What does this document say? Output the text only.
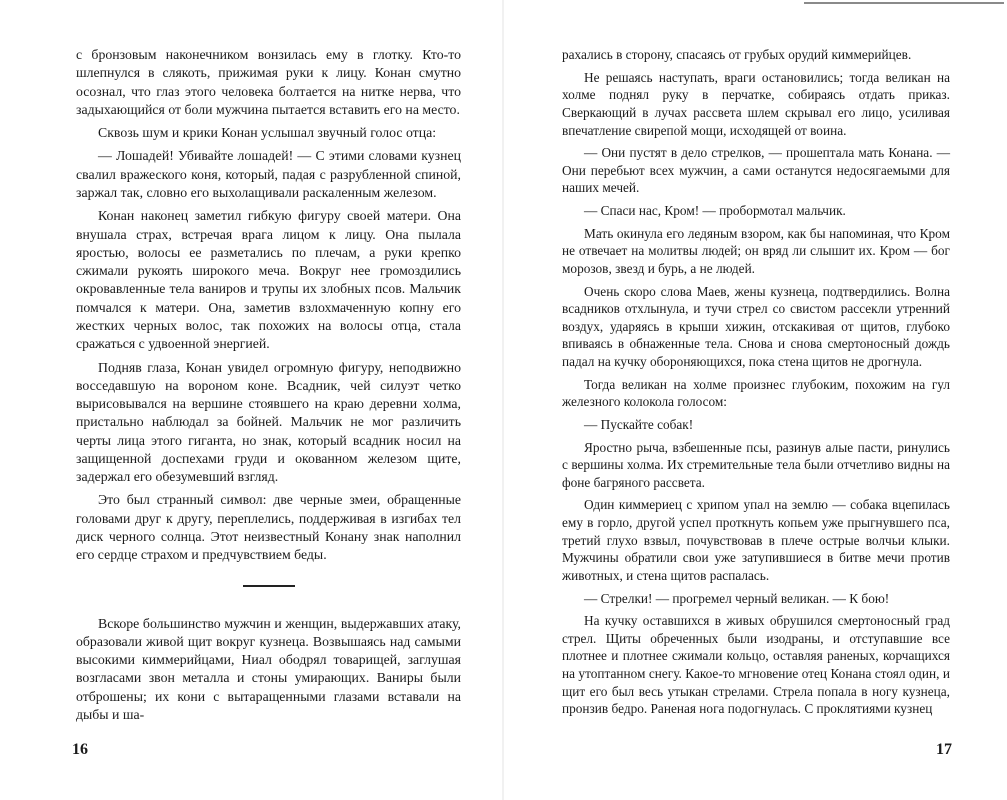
с бронзовым наконечником вонзилась ему в глотку. Кто-то шлепнулся в слякоть, прижимая руки к лицу. Конан смутно осознал, что глаз этого человека болтается на нитке нерва, что задыхающийся от боли мужчина пытается вставить его на место.

Сквозь шум и крики Конан услышал звучный голос отца:

— Лошадей! Убивайте лошадей! — С этими словами кузнец свалил вражеского коня, который, падая с разрубленной спиной, заржал так, словно его выхолащивали раскаленным железом.

Конан наконец заметил гибкую фигуру своей матери. Она внушала страх, встречая врага лицом к лицу. Она пылала яростью, волосы ее разметались по плечам, а руки крепко сжимали рукоять широкого меча. Вокруг нее громоздились окровавленные тела ваниров и трупы их злобных псов. Мальчик помчался к матери. Она, заметив взлохмаченную копну его жестких черных волос, так похожих на волосы отца, стала сражаться с удвоенной энергией.

Подняв глаза, Конан увидел огромную фигуру, неподвижно восседавшую на вороном коне. Всадник, чей силуэт четко вырисовывался на вершине стоявшего на краю деревни холма, пристально наблюдал за бойней. Мальчик не мог различить черты лица этого гиганта, но знак, который всадник носил на защищенной доспехами груди и окованном железом щите, задержал его обезумевший взгляд.

Это был странный символ: две черные змеи, обращенные головами друг к другу, переплелись, поддерживая в изгибах тел диск черного солнца. Этот неизвестный Конану знак наполнил его сердце страхом и предчувствием беды.

Вскоре большинство мужчин и женщин, выдержавших атаку, образовали живой щит вокруг кузнеца. Возвышаясь над самыми высокими киммерийцами, Ниал ободрял товарищей, заглушая возгласами звон металла и стоны умирающих. Ваниры были отброшены; их кони с вытаращенными глазами вставали на дыбы и ша-

16

рахались в сторону, спасаясь от грубых орудий киммерийцев.

Не решаясь наступать, враги остановились; тогда великан на холме поднял руку в перчатке, собираясь отдать приказ. Сверкающий в лучах рассвета шлем скрывал его лицо, усиливая впечатление свирепой мощи, исходящей от воина.

— Они пустят в дело стрелков, — прошептала мать Конана. — Они перебьют всех мужчин, а сами останутся недосягаемыми для наших мечей.

— Спаси нас, Кром! — пробормотал мальчик.

Мать окинула его ледяным взором, как бы напоминая, что Кром не отвечает на молитвы людей; он вряд ли слышит их. Кром — бог морозов, звезд и бурь, а не людей.

Очень скоро слова Маев, жены кузнеца, подтвердились. Волна всадников отхлынула, и тучи стрел со свистом рассекли утренний воздух, ударяясь в крыши хижин, отскакивая от щитов, глубоко впиваясь в обнаженные тела. Снова и снова смертоносный дождь падал на кучку обороняющихся, пока стена щитов не дрогнула.

Тогда великан на холме произнес глубоким, похожим на гул железного колокола голосом:

— Пускайте собак!

Яростно рыча, взбешенные псы, разинув алые пасти, ринулись с вершины холма. Их стремительные тела были отчетливо видны на фоне багряного рассвета.

Один киммериец с хрипом упал на землю — собака вцепилась ему в горло, другой успел проткнуть копьем уже прыгнувшего пса, третий глухо взвыл, почувствовав в плече острые волчьи клыки. Мужчины обратили свои уже затупившиеся в битве мечи против животных, и стена щитов распалась.

— Стрелки! — прогремел черный великан. — К бою!

На кучку оставшихся в живых обрушился смертоносный град стрел. Щиты обреченных были изодраны, и отступавшие все плотнее и плотнее сжимали кольцо, оставляя раненых, корчащихся на утоптанном снегу. Какое-то мгновение отец Конана стоял один, и щит его был весь утыкан стрелами. Стрела попала в ногу кузнеца, пронзив бедро. Раненая нога подогнулась. С проклятиями кузнец

17
